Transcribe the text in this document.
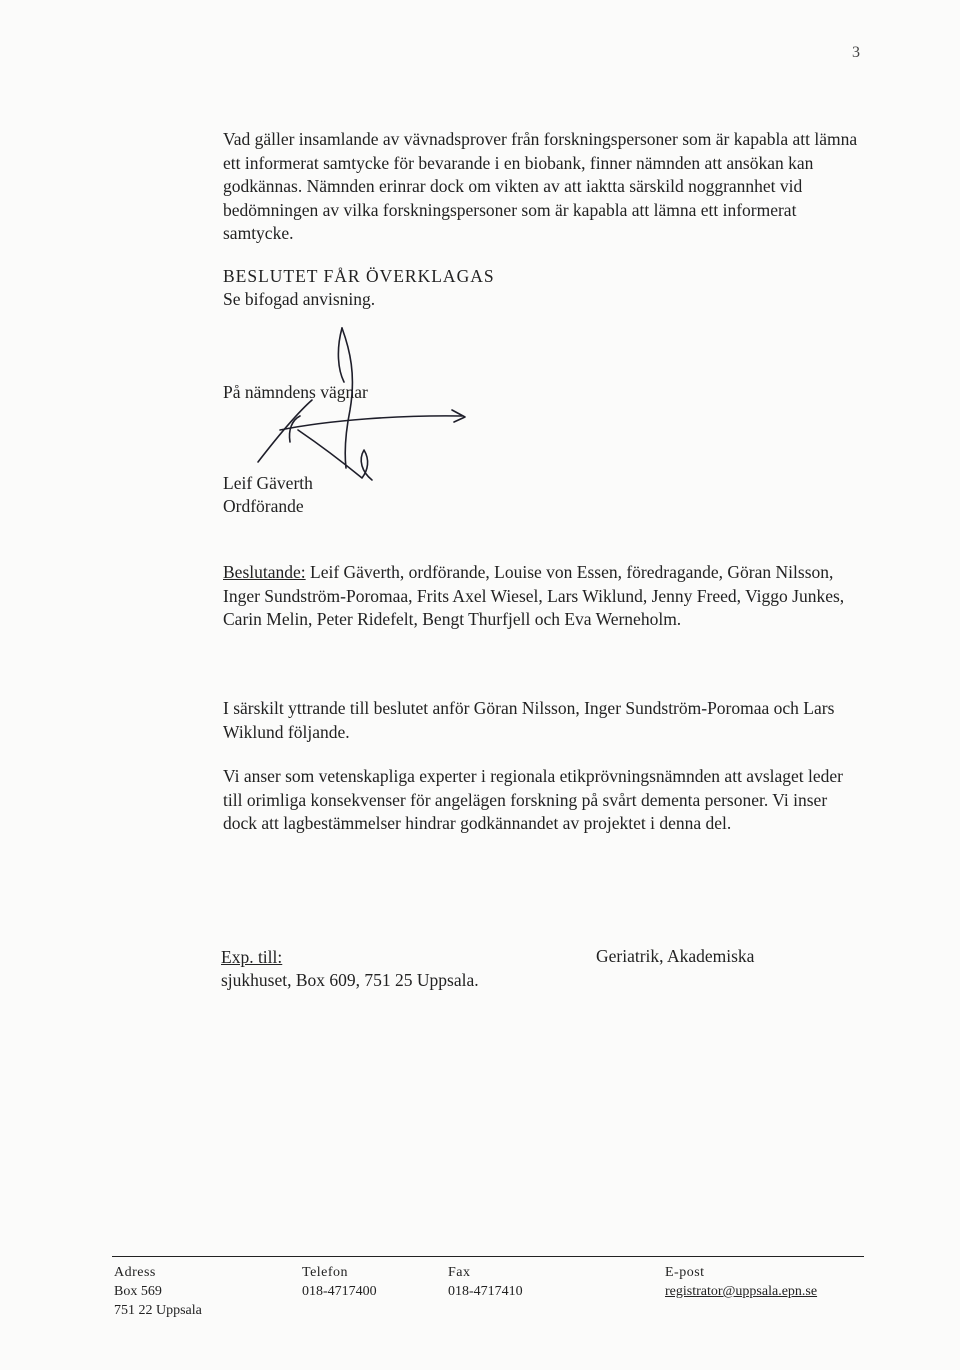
3

Vad gäller insamlande av vävnadsprover från forskningspersoner som är kapabla att lämna ett informerat samtycke för bevarande i en biobank, finner nämnden att ansökan kan godkännas. Nämnden erinrar dock om vikten av att iaktta särskild noggrannhet vid bedömningen av vilka forskningspersoner som är kapabla att lämna ett informerat samtycke.

BESLUTET FÅR ÖVERKLAGAS
Se bifogad anvisning.
På nämndens vägnar
Leif Gäverth
Ordförande

Beslutande: Leif Gäverth, ordförande, Louise von Essen, föredragande, Göran Nilsson, Inger Sundström-Poromaa, Frits Axel Wiesel, Lars Wiklund, Jenny Freed, Viggo Junkes, Carin Melin, Peter Ridefelt, Bengt Thurfjell och Eva Werneholm.

I särskilt yttrande till beslutet anför Göran Nilsson, Inger Sundström-Poromaa och Lars Wiklund följande.

Vi anser som vetenskapliga experter i regionala etikprövningsnämnden att avslaget leder till orimliga konsekvenser för angelägen forskning på svårt dementa personer. Vi inser dock att lagbestämmelser hindrar godkännandet av projektet i denna del.

Exp. till:
sjukhuset, Box 609, 751 25 Uppsala.
Geriatrik, Akademiska
Adress
Box 569
751 22 Uppsala
Telefon
018-4717400
Fax
018-4717410
E-post
registrator@uppsala.epn.se
